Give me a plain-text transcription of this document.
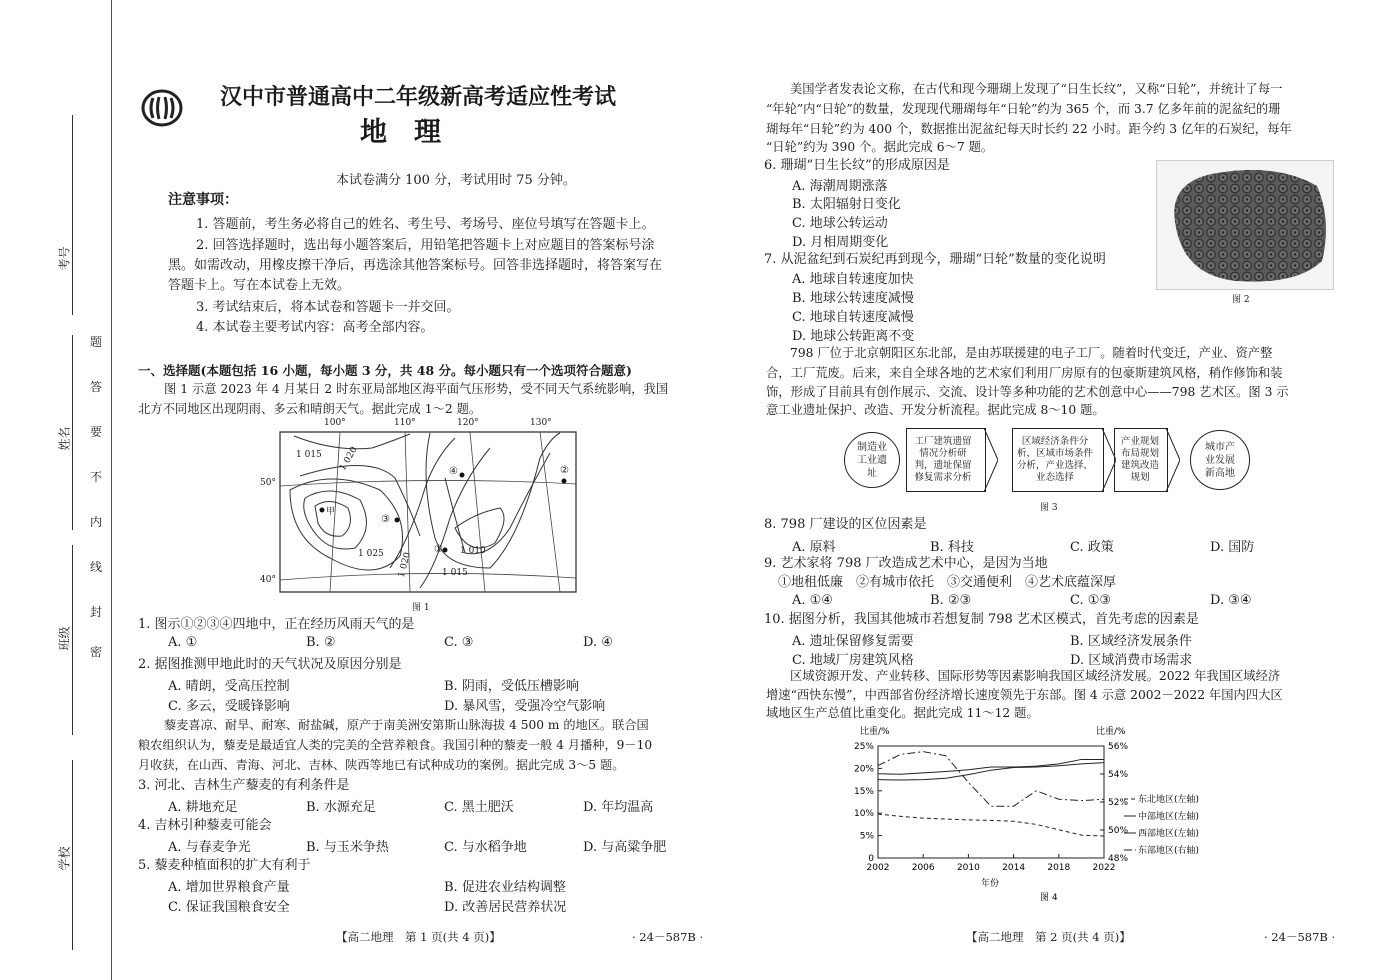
考号
姓名
班级
学校
题
答
要
不
内
线
封
密
汉中市普通高中二年级新高考适应性考试
地　理
本试卷满分 100 分，考试用时 75 分钟。
注意事项：
1. 答题前，考生务必将自己的姓名、考生号、考场号、座位号填写在答题卡上。
2. 回答选择题时，选出每小题答案后，用铅笔把答题卡上对应题目的答案标号涂
黑。如需改动，用橡皮擦干净后，再选涂其他答案标号。回答非选择题时，将答案写在
答题卡上。写在本试卷上无效。
3. 考试结束后，将本试卷和答题卡一并交回。
4. 本试卷主要考试内容：高考全部内容。
一、选择题(本题包括 16 小题，每小题 3 分，共 48 分。每小题只有一个选项符合题意)
图 1 示意 2023 年 4 月某日 2 时东亚局部地区海平面气压形势，受不同天气系统影响，我国
北方不同地区出现阴雨、多云和晴朗天气。据此完成 1～2 题。
100°	110°	120°	130°
50°
40°
1 015 1 020
1 025 1 020
1 010
1 015
甲
①
②
③
④
图 1
1. 图示①②③④四地中，正在经历风雨天气的是
A. ①	B. ②	C. ③	D. ④
2. 据图推测甲地此时的天气状况及原因分别是
A. 晴朗，受高压控制	B. 阴雨，受低压槽影响
C. 多云，受暖锋影响	D. 暴风雪，受强冷空气影响
藜麦喜凉、耐旱、耐寒、耐盐碱，原产于南美洲安第斯山脉海拔 4 500 m 的地区。联合国
粮农组织认为，藜麦是最适宜人类的完美的全营养粮食。我国引种的藜麦一般 4 月播种，9－10
月收获，在山西、青海、河北、吉林、陕西等地已有试种成功的案例。据此完成 3～5 题。
3. 河北、吉林生产藜麦的有利条件是
A. 耕地充足	B. 水源充足	C. 黑土肥沃	D. 年均温高
4. 吉林引种藜麦可能会
A. 与春麦争光	B. 与玉米争热	C. 与水稻争地	D. 与高粱争肥
5. 藜麦种植面积的扩大有利于
A. 增加世界粮食产量	B. 促进农业结构调整
C. 保证我国粮食安全	D. 改善居民营养状况
【高二地理　第 1 页(共 4 页)】	· 24－587B ·
美国学者发表论文称，在古代和现今珊瑚上发现了“日生长纹”，又称“日轮”，并统计了每一
“年轮”内“日轮”的数量，发现现代珊瑚每年“日轮”约为 365 个，而 3.7 亿多年前的泥盆纪的珊
瑚每年“日轮”约为 400 个，数据推出泥盆纪每天时长约 22 小时。距今约 3 亿年的石炭纪，每年
“日轮”约为 390 个。据此完成 6～7 题。
6. 珊瑚“日生长纹”的形成原因是
A. 海潮周期涨落
B. 太阳辐射日变化
C. 地球公转运动
D. 月相周期变化
图 2
7. 从泥盆纪到石炭纪再到现今，珊瑚“日轮”数量的变化说明
A. 地球自转速度加快
B. 地球公转速度减慢
C. 地球自转速度减慢
D. 地球公转距离不变
798 厂位于北京朝阳区东北部，是由苏联援建的电子工厂。随着时代变迁，产业、资产整
合，工厂荒废。后来，来自全球各地的艺术家们利用厂房原有的包豪斯建筑风格，稍作修饰和装
饰，形成了目前具有创作展示、交流、设计等多种功能的艺术创意中心——798 艺术区。图 3 示
意工业遗址保护、改造、开发分析流程。据此完成 8～10 题。
制造业工业遗址
工厂建筑遗留情况分析研判，遗址保留修复需求分析
区域经济条件分析，区域市场条件分析，产业选择，业态选择
产业规划布局规划建筑改造规划
城市产业发展新高地
图 3
8. 798 厂建设的区位因素是
A. 原料	B. 科技	C. 政策	D. 国防
9. 艺术家将 798 厂改造成艺术中心，是因为当地
①地租低廉　②有城市依托　③交通便利　④艺术底蕴深厚
A. ①④	B. ②③	C. ①③	D. ③④
10. 据图分析，我国其他城市若想复制 798 艺术区模式，首先考虑的因素是
A. 遗址保留修复需要	B. 区域经济发展条件
C. 地域厂房建筑风格	D. 区域消费市场需求
区域资源开发、产业转移、国际形势等因素影响我国区域经济发展。2022 年我国区域经济
增速“西快东慢”，中西部省份经济增长速度领先于东部。图 4 示意 2002－2022 年国内四大区
域地区生产总值比重变化。据此完成 11～12 题。
0
5%
10%
15%
20%
25%
48%
50%
52%
54%
56%
2002 2006 2010 2014 2018 2022
东北地区(左轴)
中部地区(左轴)
西部地区(左轴)
东部地区(右轴)
比重/%	比重/%
年份
图 4
【高二地理　第 2 页(共 4 页)】	· 24－587B ·
